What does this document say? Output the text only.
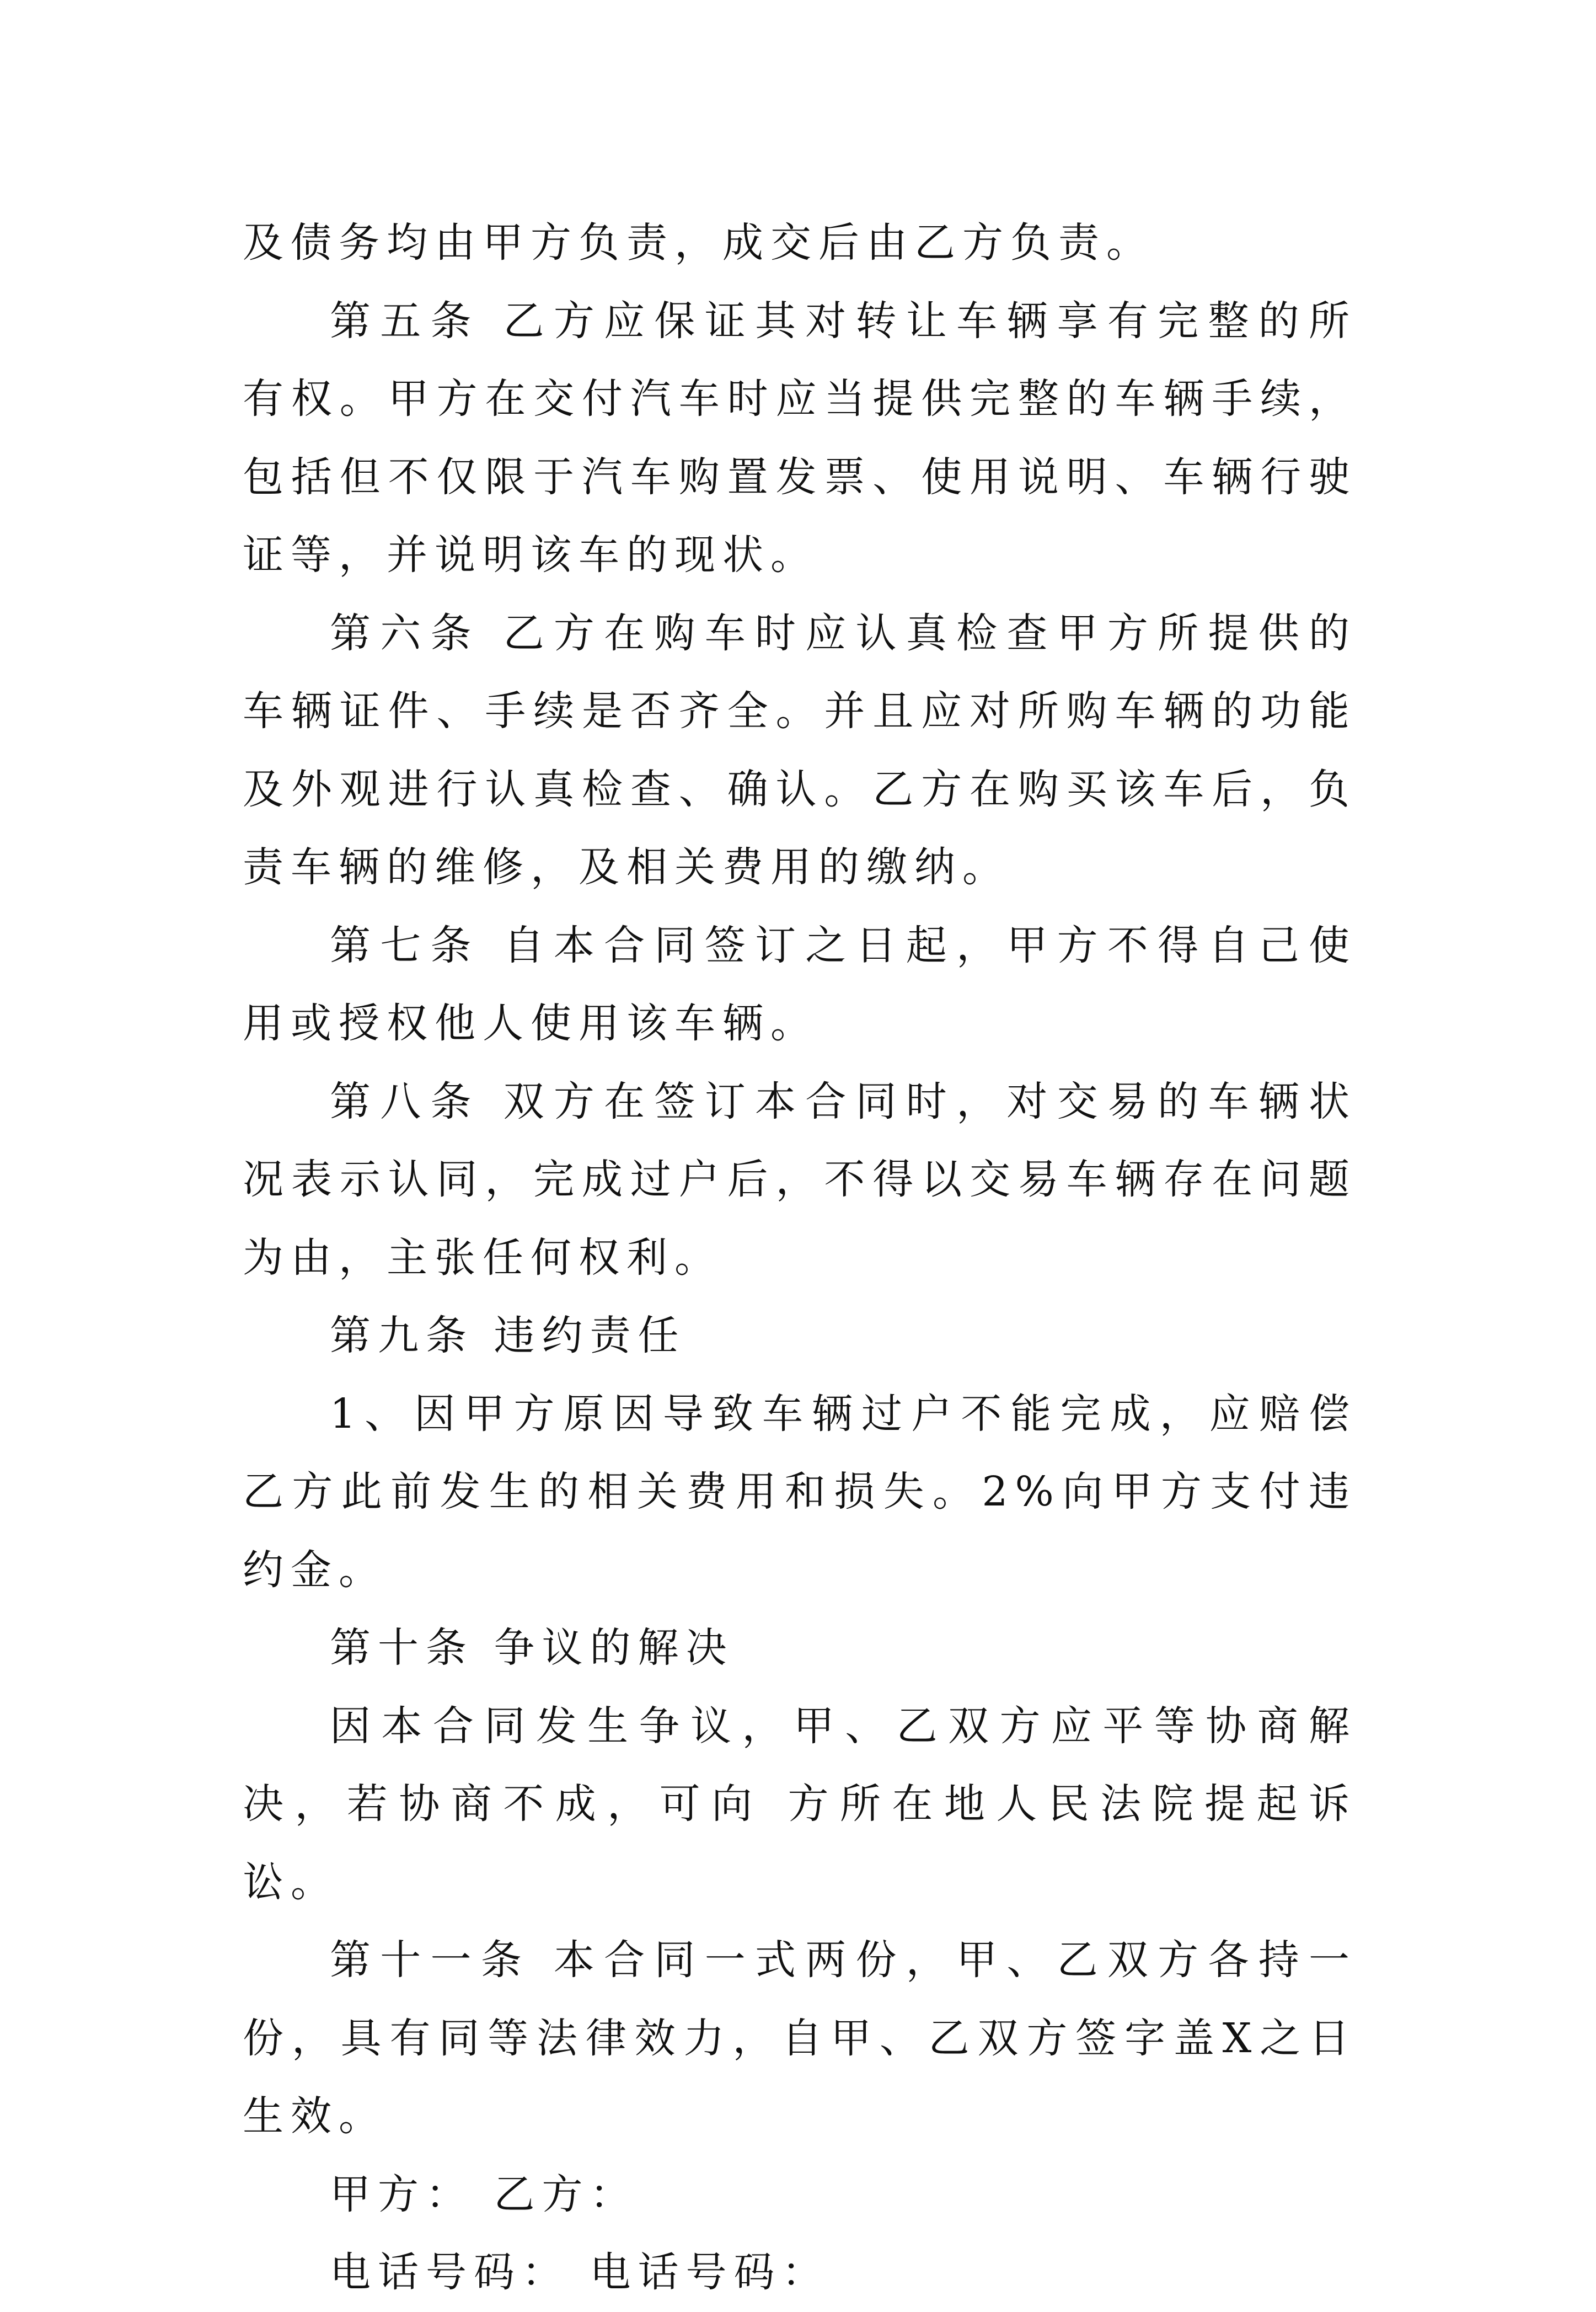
及债务均由甲方负责，成交后由乙方负责。

第五条 乙方应保证其对转让车辆享有完整的所有权。甲方在交付汽车时应当提供完整的车辆手续，包括但不仅限于汽车购置发票、使用说明、车辆行驶证等，并说明该车的现状。

第六条 乙方在购车时应认真检查甲方所提供的车辆证件、手续是否齐全。并且应对所购车辆的功能及外观进行认真检查、确认。乙方在购买该车后，负责车辆的维修，及相关费用的缴纳。

第七条 自本合同签订之日起，甲方不得自己使用或授权他人使用该车辆。

第八条 双方在签订本合同时，对交易的车辆状况表示认同，完成过户后，不得以交易车辆存在问题为由，主张任何权利。

第九条 违约责任

1、因甲方原因导致车辆过户不能完成，应赔偿乙方此前发生的相关费用和损失。2%向甲方支付违约金。

第十条 争议的解决

因本合同发生争议，甲、乙双方应平等协商解决，若协商不成，可向 方所在地人民法院提起诉讼。

第十一条 本合同一式两份，甲、乙双方各持一份，具有同等法律效力，自甲、乙双方签字盖X之日生效。

甲方： 乙方：

电话号码： 电话号码：
